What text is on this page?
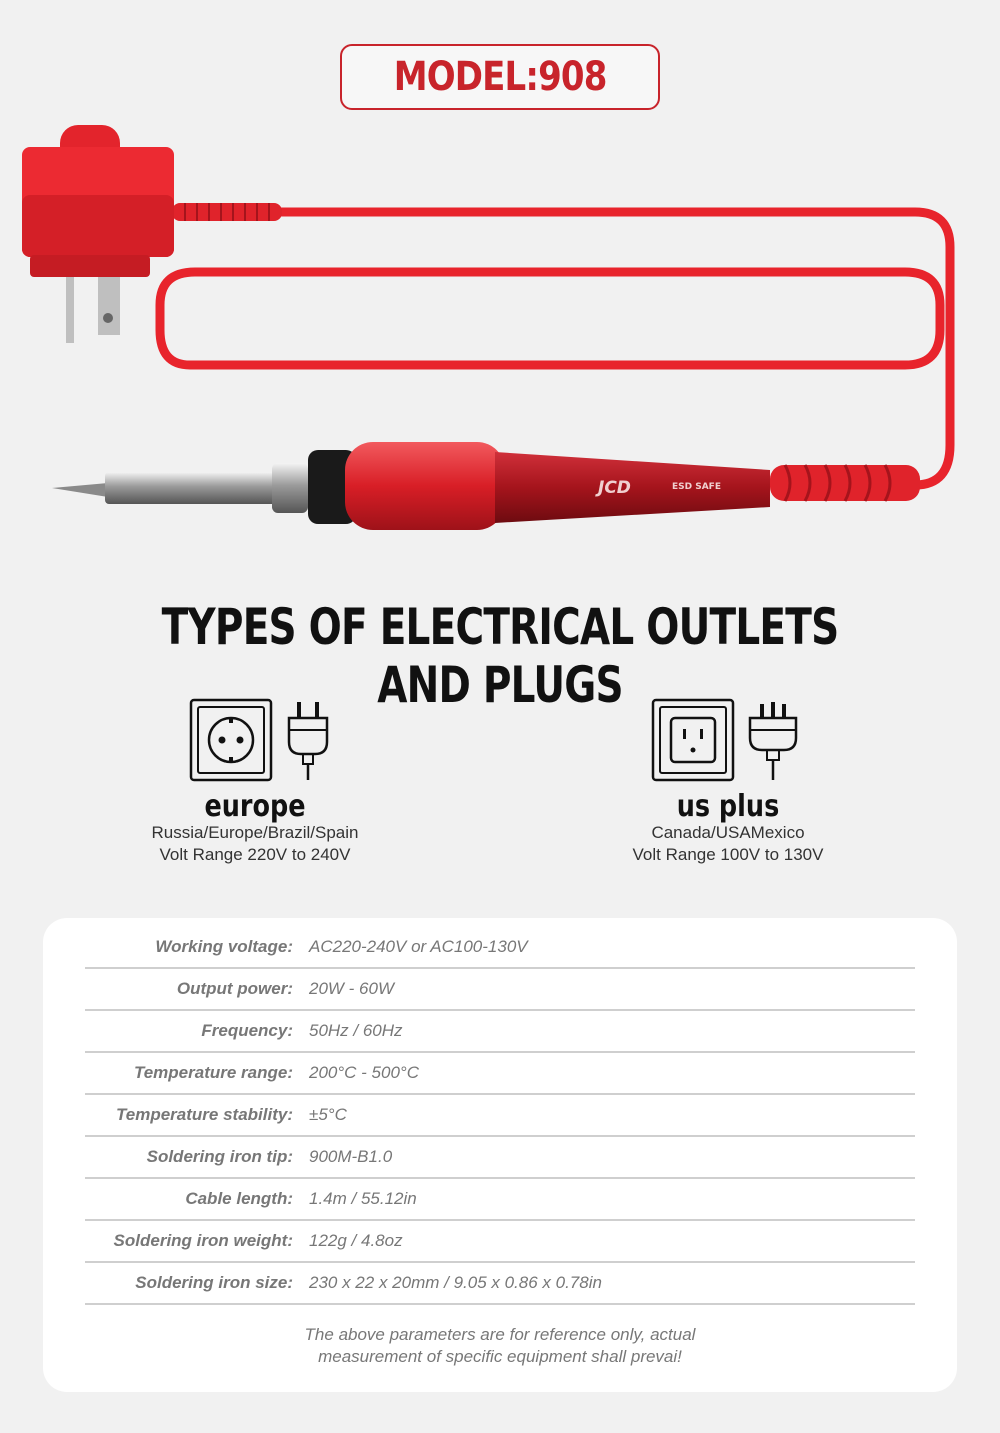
MODEL:908
JCD	ESD SAFE
TYPES OF ELECTRICAL OUTLETS AND PLUGS
europe
Russia/Europe/Brazil/Spain
Volt Range 220V to 240V
us plus
Canada/USAMexico
Volt Range 100V to 130V
Working voltage: AC220-240V or AC100-130V
Output power: 20W - 60W
Frequency: 50Hz / 60Hz
Temperature range: 200°C - 500°C
Temperature stability: ±5°C
Soldering iron tip: 900M-B1.0
Cable length: 1.4m / 55.12in
Soldering iron weight: 122g / 4.8oz
Soldering iron size: 230 x 22 x 20mm / 9.05 x 0.86 x 0.78in
The above parameters are for reference only, actual
measurement of specific equipment shall prevai!
